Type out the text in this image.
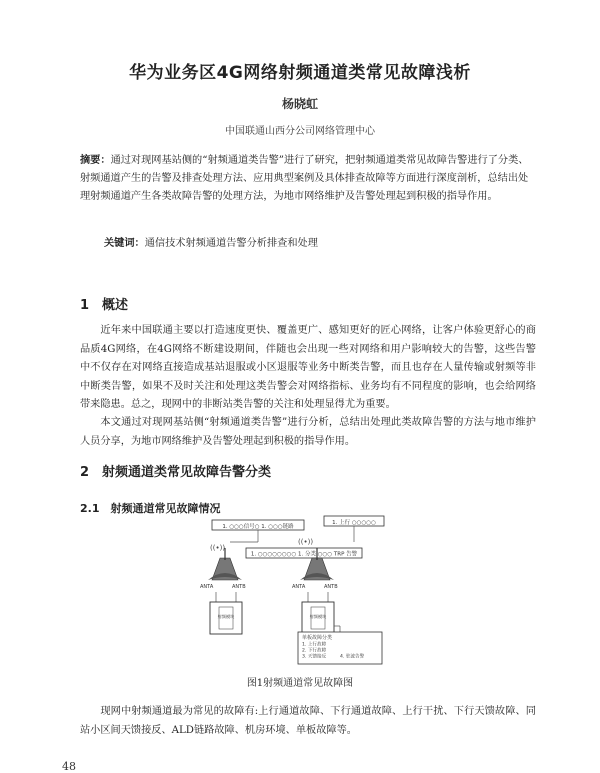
华为业务区4G网络射频通道类常见故障浅析
杨晓虹
中国联通山西分公司网络管理中心
摘要：通过对现网基站侧的“射频通道类告警”进行了研究，把射频通道类常见故障告警进行了分类、射频通道产生的告警及排查处理方法、应用典型案例及具体排查故障等方面进行深度剖析，总结出处理射频通道产生各类故障告警的处理方法，为地市网络维护及告警处理起到积极的指导作用。
关键词：通信技术射频通道告警分析排查和处理
1　概述

近年来中国联通主要以打造速度更快、覆盖更广、感知更好的匠心网络，让客户体验更舒心的商品质4G网络，在4G网络不断建设期间，伴随也会出现一些对网络和用户影响较大的告警，这些告警中不仅存在对网络直接造成基站退服或小区退服等业务中断类告警，而且也存在人量传输或射频等非中断类告警，如果不及时关注和处理这类告警会对网络指标、业务均有不同程度的影响，也会给网络带来隐患。总之，现网中的非断站类告警的关注和处理显得尤为重要。

本文通过对现网基站侧“射频通道类告警”进行分析，总结出处理此类故障告警的方法与地市维护人员分享，为地市网络维护及告警处理起到积极的指导作用。

2　射频通道类常见故障告警分类
2.1　射频通道常见故障情况
1. ○○○信号○ 1. ○○○链路
1. 上行 ○○○○○
1. ○○○○○○○○ 1. 分类 ○○○ TRP 告警
((•))
((•))
ANTA	ANTB	ANTA	ANTB
射频模块	射频模块
单板故障分类
1. 上行故障
2. 下行故障
3. 天馈接反	4. 驻波告警
图1射频通道常见故障图

现网中射频通道最为常见的故障有:上行通道故障、下行通道故障、上行干扰、下行天馈故障、同站小区间天馈接反、ALD链路故障、机房环境、单板故障等。

48
